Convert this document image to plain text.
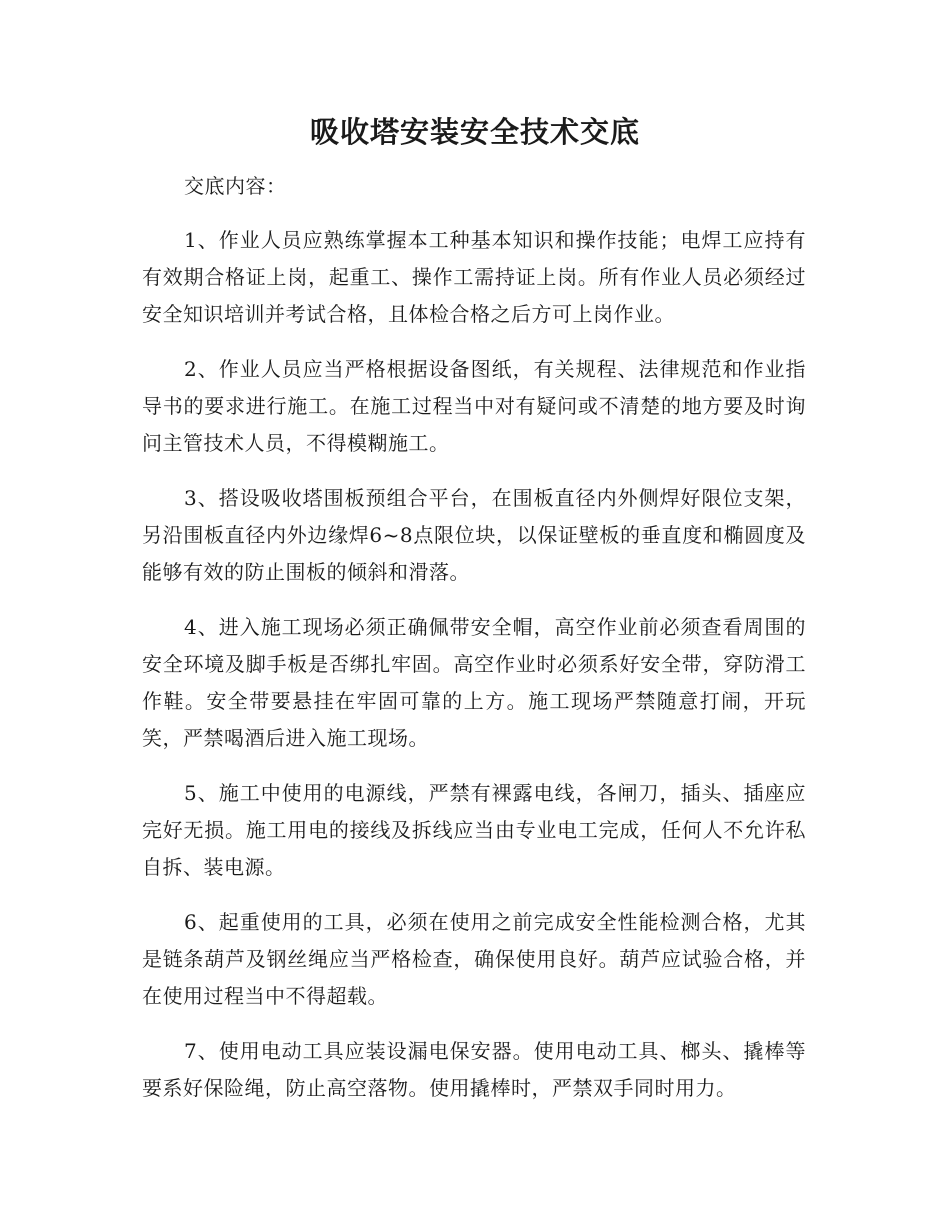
吸收塔安装安全技术交底

交底内容：

1、作业人员应熟练掌握本工种基本知识和操作技能；电焊工应持有有效期合格证上岗，起重工、操作工需持证上岗。所有作业人员必须经过安全知识培训并考试合格，且体检合格之后方可上岗作业。

2、作业人员应当严格根据设备图纸，有关规程、法律规范和作业指导书的要求进行施工。在施工过程当中对有疑问或不清楚的地方要及时询问主管技术人员，不得模糊施工。

3、搭设吸收塔围板预组合平台，在围板直径内外侧焊好限位支架，另沿围板直径内外边缘焊6~8点限位块，以保证壁板的垂直度和椭圆度及能够有效的防止围板的倾斜和滑落。

4、进入施工现场必须正确佩带安全帽，高空作业前必须查看周围的安全环境及脚手板是否绑扎牢固。高空作业时必须系好安全带，穿防滑工作鞋。安全带要悬挂在牢固可靠的上方。施工现场严禁随意打闹，开玩笑，严禁喝酒后进入施工现场。

5、施工中使用的电源线，严禁有裸露电线，各闸刀，插头、插座应完好无损。施工用电的接线及拆线应当由专业电工完成，任何人不允许私自拆、装电源。

6、起重使用的工具，必须在使用之前完成安全性能检测合格，尤其是链条葫芦及钢丝绳应当严格检查，确保使用良好。葫芦应试验合格，并在使用过程当中不得超载。

7、使用电动工具应装设漏电保安器。使用电动工具、榔头、撬棒等要系好保险绳，防止高空落物。使用撬棒时，严禁双手同时用力。
